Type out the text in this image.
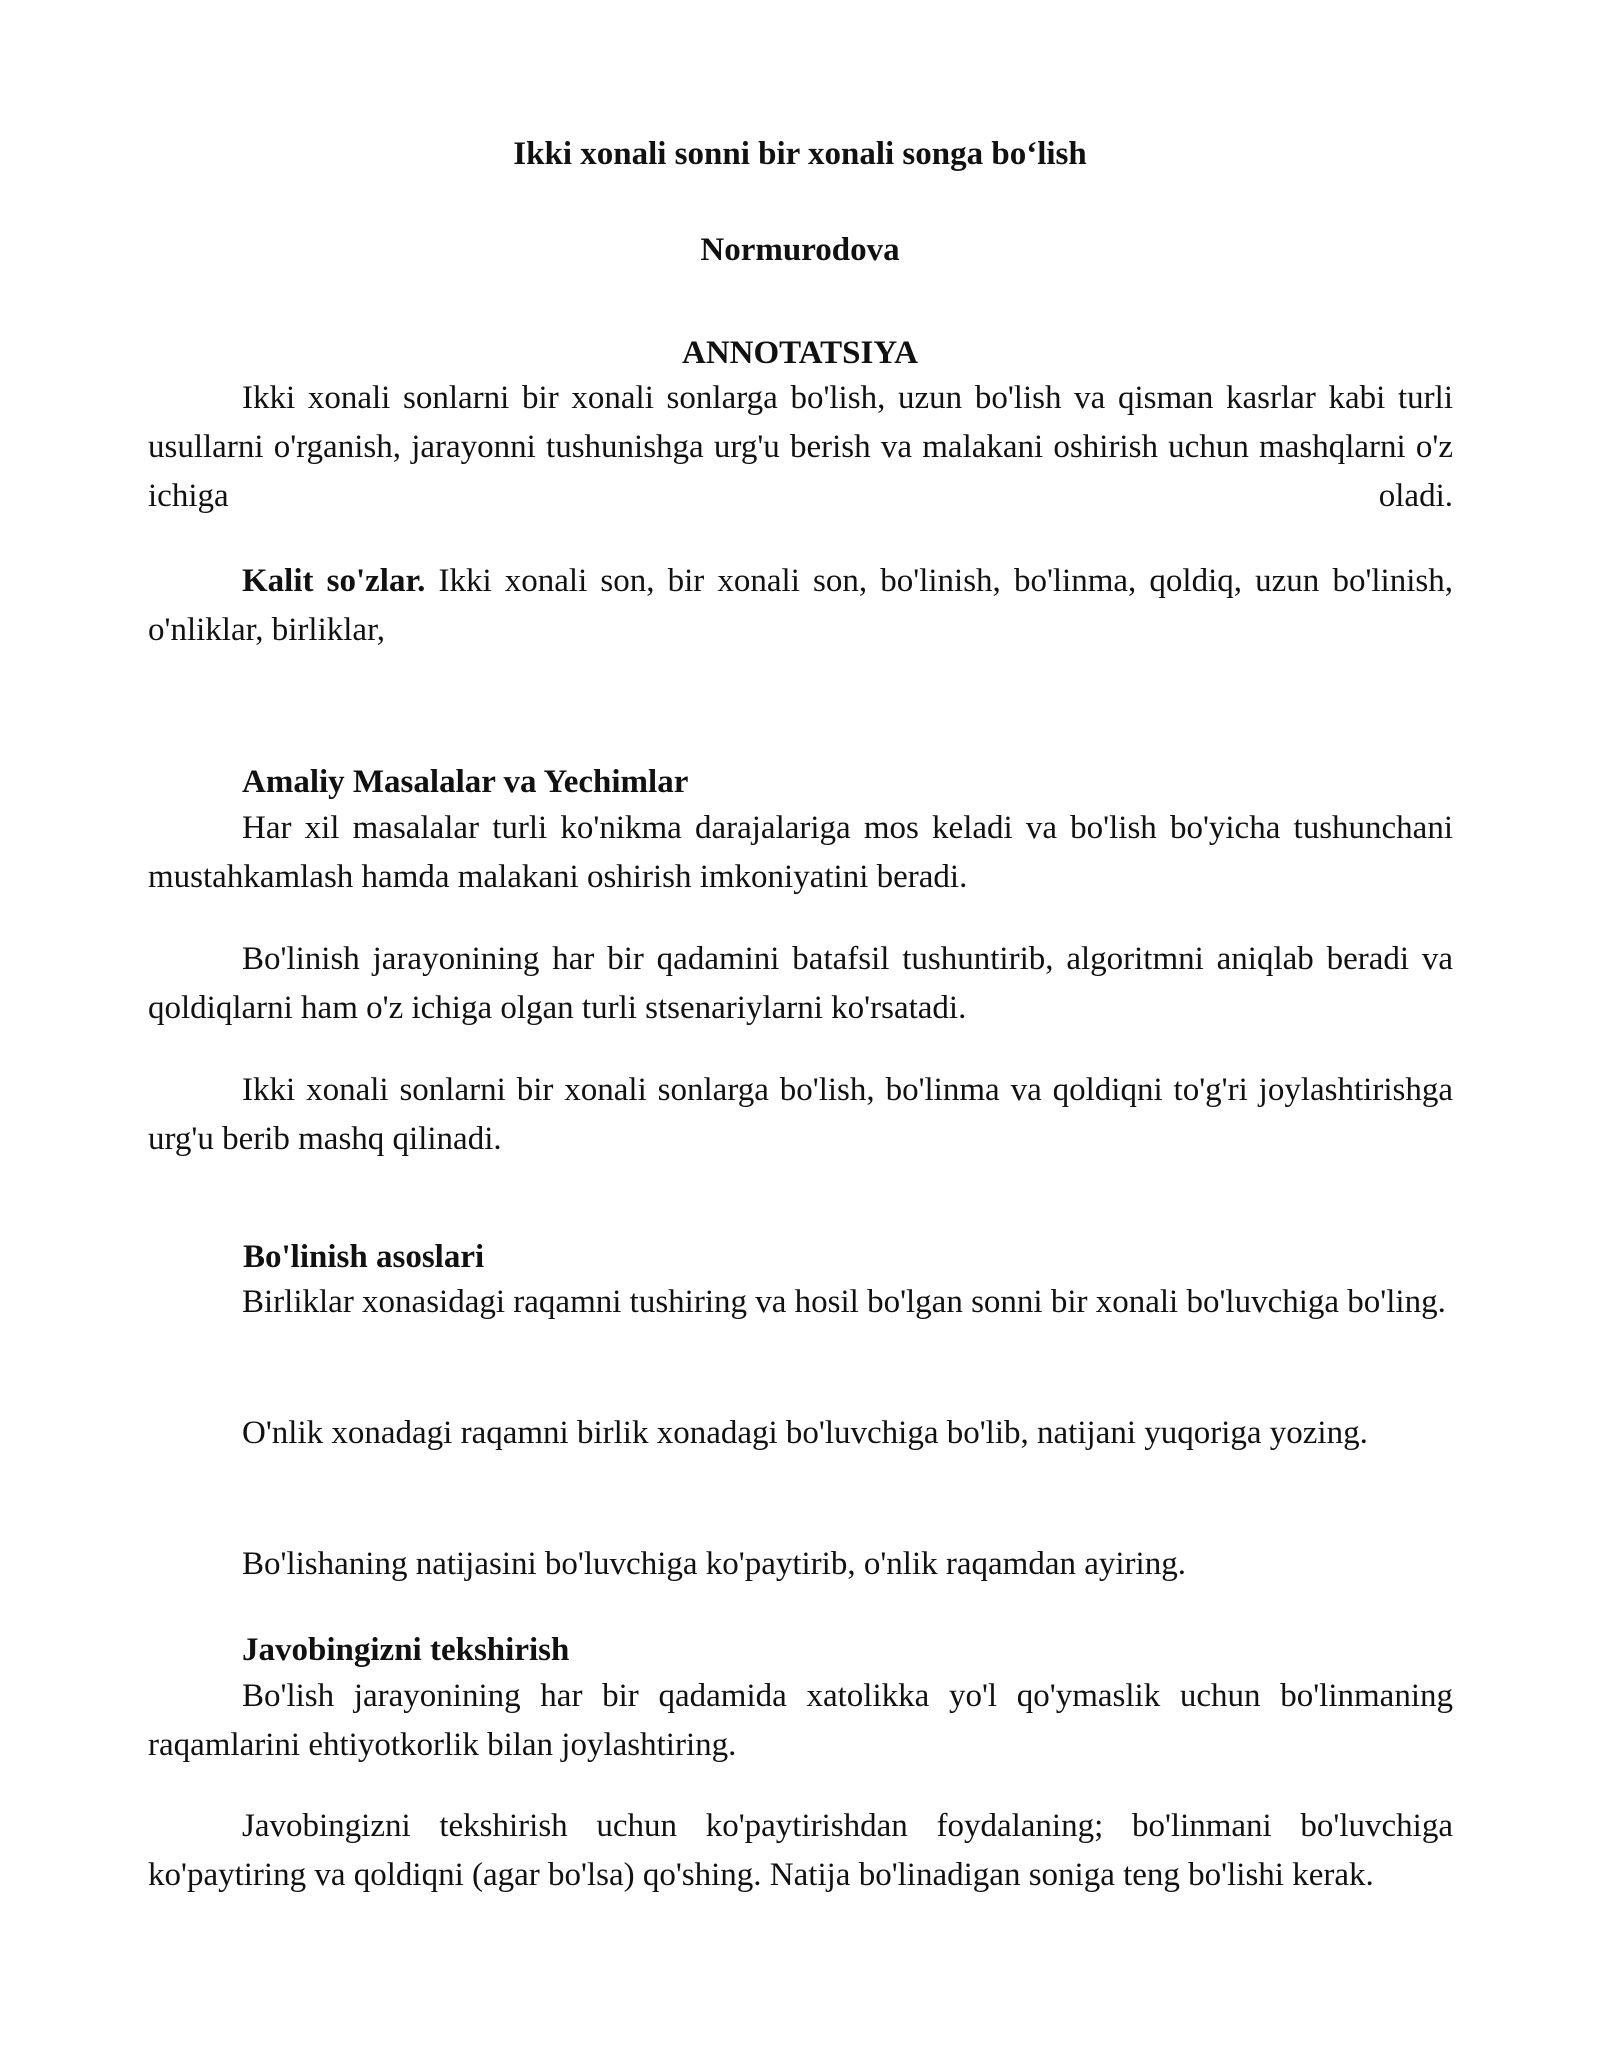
Ikki xonali sonni bir xonali songa bo‘lish

Normurodova

ANNOTATSIYA

Ikki xonali sonlarni bir xonali sonlarga bo'lish, uzun bo'lish va qisman kasrlar kabi turli usullarni o'rganish, jarayonni tushunishga urg'u berish va malakani oshirish uchun mashqlarni o'z ichiga oladi.

Kalit so'zlar. Ikki xonali son, bir xonali son, bo'linish, bo'linma, qoldiq, uzun bo'linish, o'nliklar, birliklar,

Amaliy Masalalar va Yechimlar

Har xil masalalar turli ko'nikma darajalariga mos keladi va bo'lish bo'yicha tushunchani mustahkamlash hamda malakani oshirish imkoniyatini beradi.

Bo'linish jarayonining har bir qadamini batafsil tushuntirib, algoritmni aniqlab beradi va qoldiqlarni ham o'z ichiga olgan turli stsenariylarni ko'rsatadi.

Ikki xonali sonlarni bir xonali sonlarga bo'lish, bo'linma va qoldiqni to'g'ri joylashtirishga urg'u berib mashq qilinadi.

Bo'linish asoslari

Birliklar xonasidagi raqamni tushiring va hosil bo'lgan sonni bir xonali bo'luvchiga bo'ling.

O'nlik xonadagi raqamni birlik xonadagi bo'luvchiga bo'lib, natijani yuqoriga yozing.

Bo'lishaning natijasini bo'luvchiga ko'paytirib, o'nlik raqamdan ayiring.

Javobingizni tekshirish

Bo'lish jarayonining har bir qadamida xatolikka yo'l qo'ymaslik uchun bo'linmaning raqamlarini ehtiyotkorlik bilan joylashtiring.

Javobingizni tekshirish uchun ko'paytirishdan foydalaning; bo'linmani bo'luvchiga ko'paytiring va qoldiqni (agar bo'lsa) qo'shing. Natija bo'linadigan soniga teng bo'lishi kerak.
